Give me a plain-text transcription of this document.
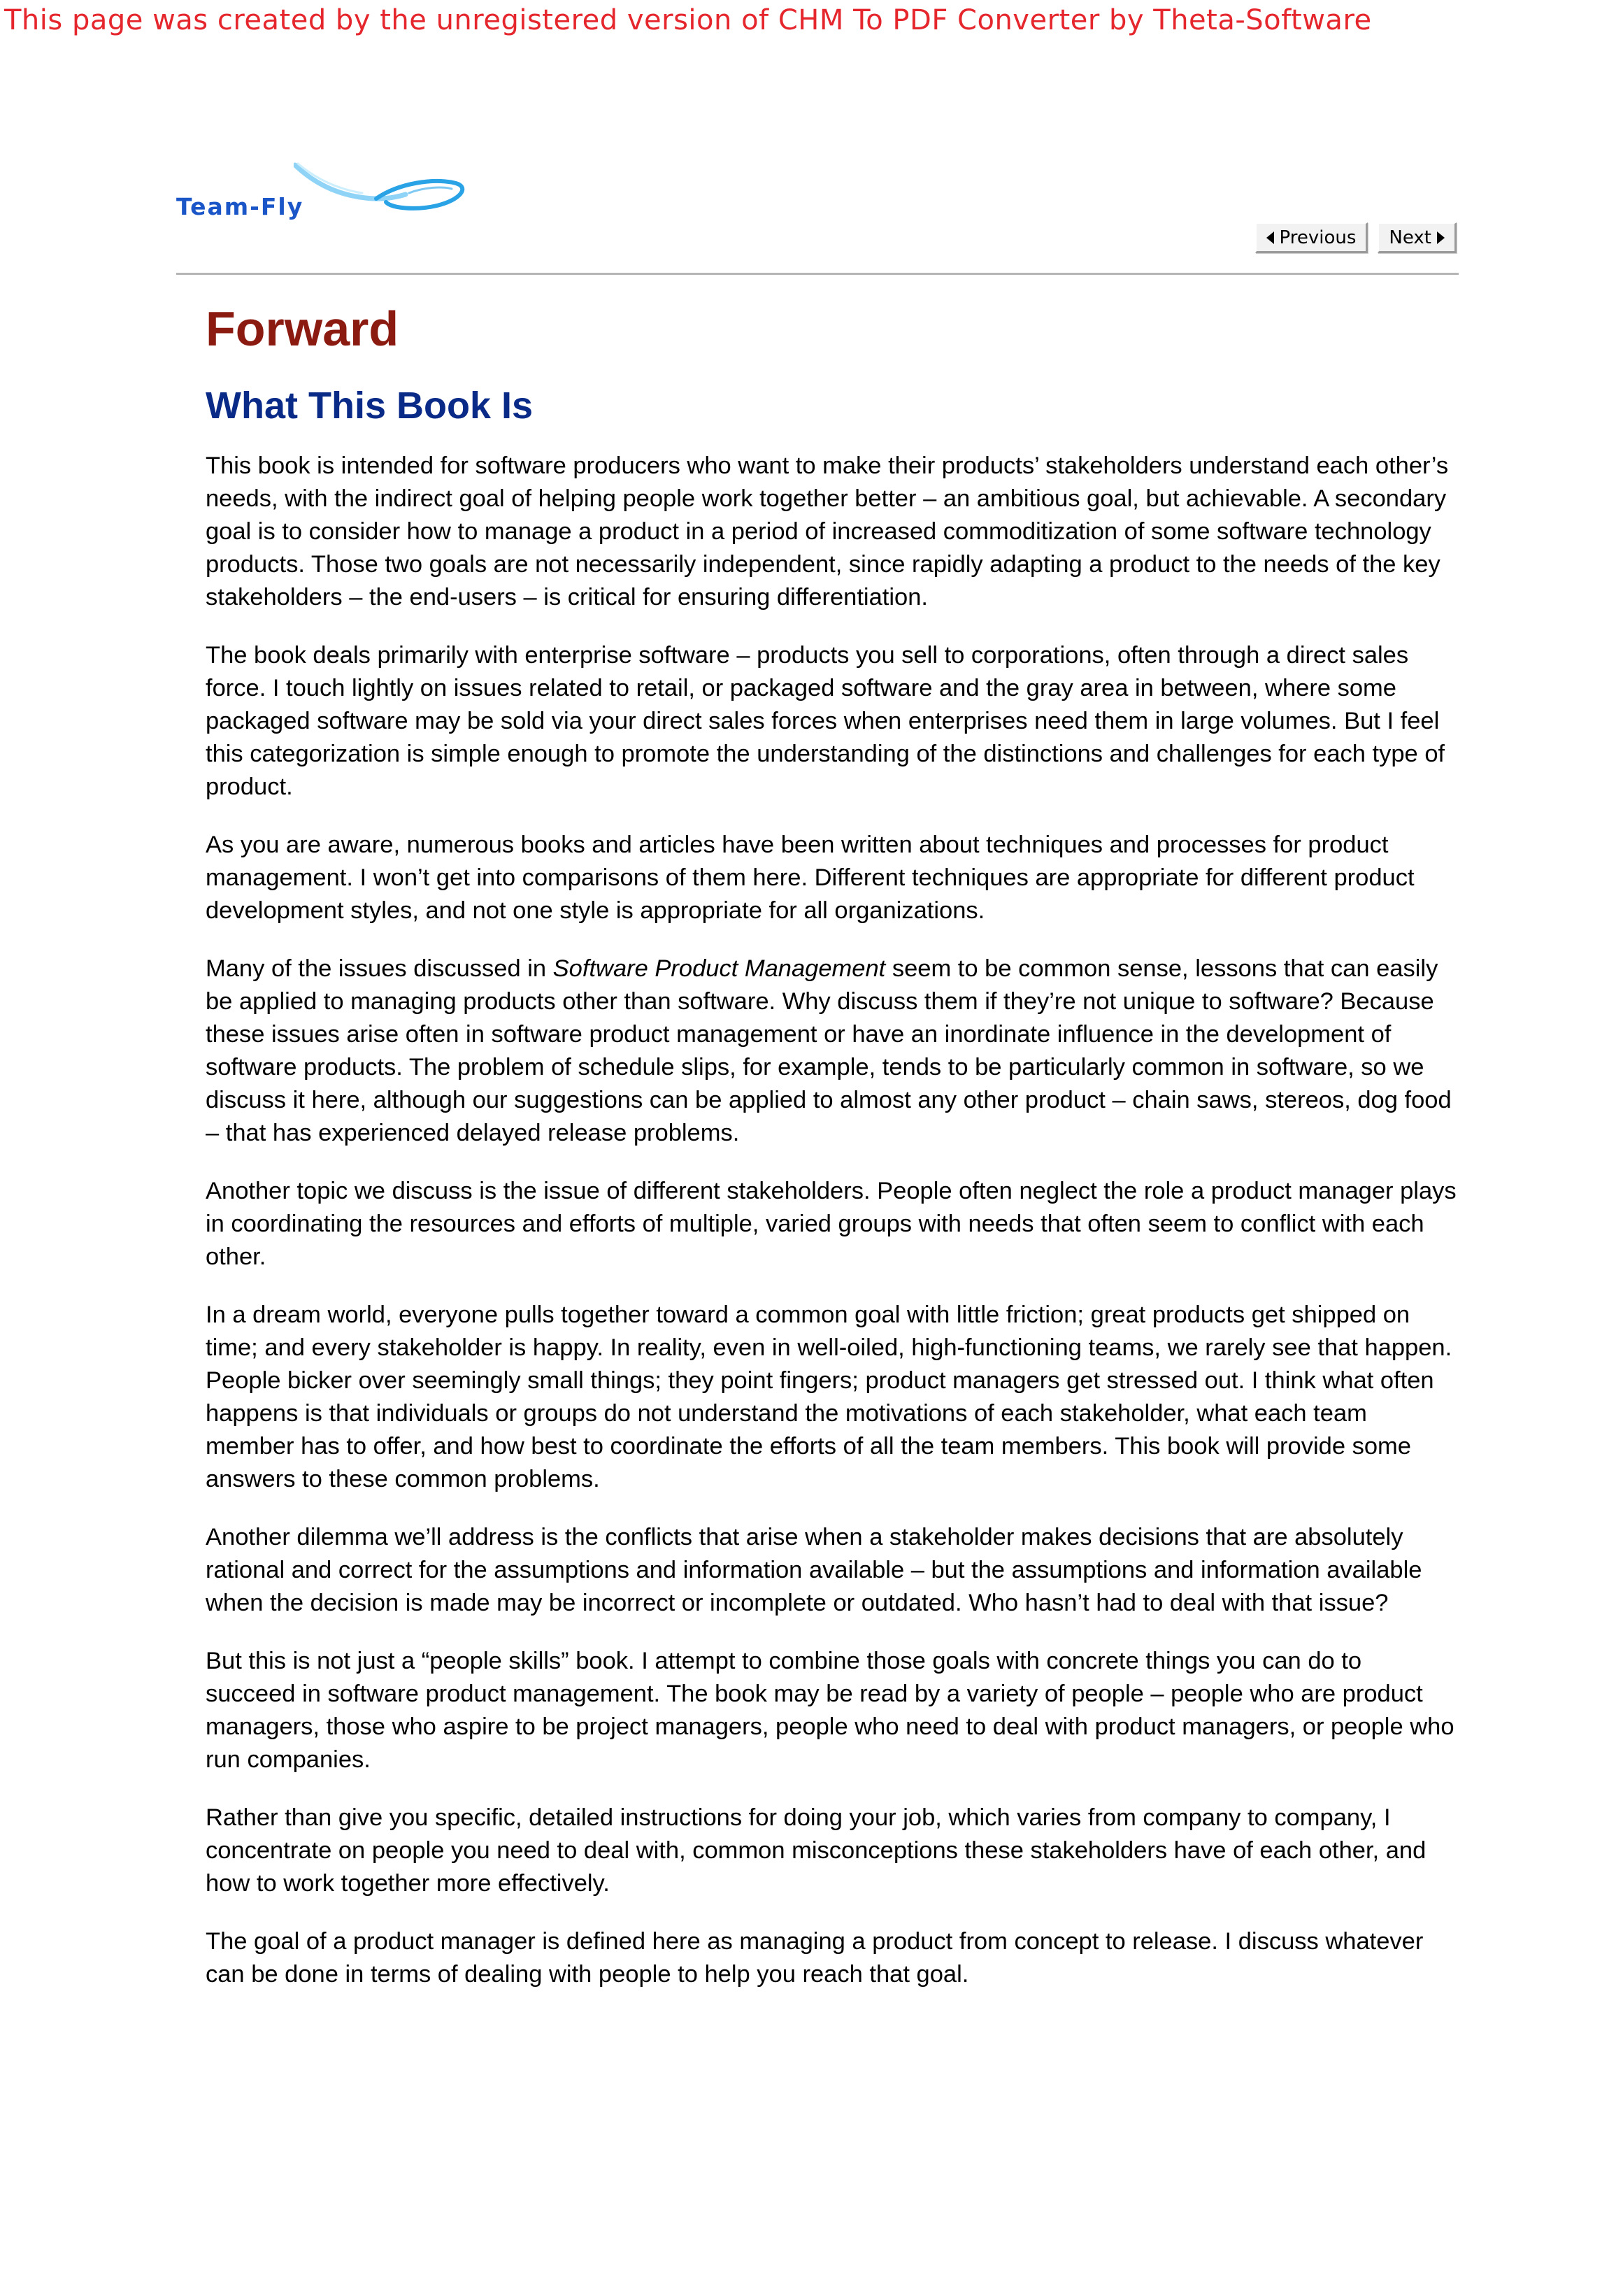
This page was created by the unregistered version of CHM To PDF Converter by Theta-Software
Team-Fly
Previous Next
Forward
What This Book Is

This book is intended for software producers who want to make their products’ stakeholders understand each other’s needs, with the indirect goal of helping people work together better – an ambitious goal, but achievable. A secondary goal is to consider how to manage a product in a period of increased commoditization of some software technology products. Those two goals are not necessarily independent, since rapidly adapting a product to the needs of the key stakeholders – the end-users – is critical for ensuring differentiation.

The book deals primarily with enterprise software – products you sell to corporations, often through a direct sales force. I touch lightly on issues related to retail, or packaged software and the gray area in between, where some packaged software may be sold via your direct sales forces when enterprises need them in large volumes. But I feel this categorization is simple enough to promote the understanding of the distinctions and challenges for each type of product.

As you are aware, numerous books and articles have been written about techniques and processes for product management. I won’t get into comparisons of them here. Different techniques are appropriate for different product development styles, and not one style is appropriate for all organizations.

Many of the issues discussed in Software Product Management seem to be common sense, lessons that can easily be applied to managing products other than software. Why discuss them if they’re not unique to software? Because these issues arise often in software product management or have an inordinate influence in the development of software products. The problem of schedule slips, for example, tends to be particularly common in software, so we discuss it here, although our suggestions can be applied to almost any other product – chain saws, stereos, dog food – that has experienced delayed release problems.

Another topic we discuss is the issue of different stakeholders. People often neglect the role a product manager plays in coordinating the resources and efforts of multiple, varied groups with needs that often seem to conflict with each other.

In a dream world, everyone pulls together toward a common goal with little friction; great products get shipped on time; and every stakeholder is happy. In reality, even in well-oiled, high-functioning teams, we rarely see that happen. People bicker over seemingly small things; they point fingers; product managers get stressed out. I think what often happens is that individuals or groups do not understand the motivations of each stakeholder, what each team member has to offer, and how best to coordinate the efforts of all the team members. This book will provide some answers to these common problems.

Another dilemma we’ll address is the conflicts that arise when a stakeholder makes decisions that are absolutely rational and correct for the assumptions and information available – but the assumptions and information available when the decision is made may be incorrect or incomplete or outdated. Who hasn’t had to deal with that issue?

But this is not just a “people skills” book. I attempt to combine those goals with concrete things you can do to succeed in software product management. The book may be read by a variety of people – people who are product managers, those who aspire to be project managers, people who need to deal with product managers, or people who run companies.

Rather than give you specific, detailed instructions for doing your job, which varies from company to company, I concentrate on people you need to deal with, common misconceptions these stakeholders have of each other, and how to work together more effectively.

The goal of a product manager is defined here as managing a product from concept to release. I discuss whatever can be done in terms of dealing with people to help you reach that goal.
